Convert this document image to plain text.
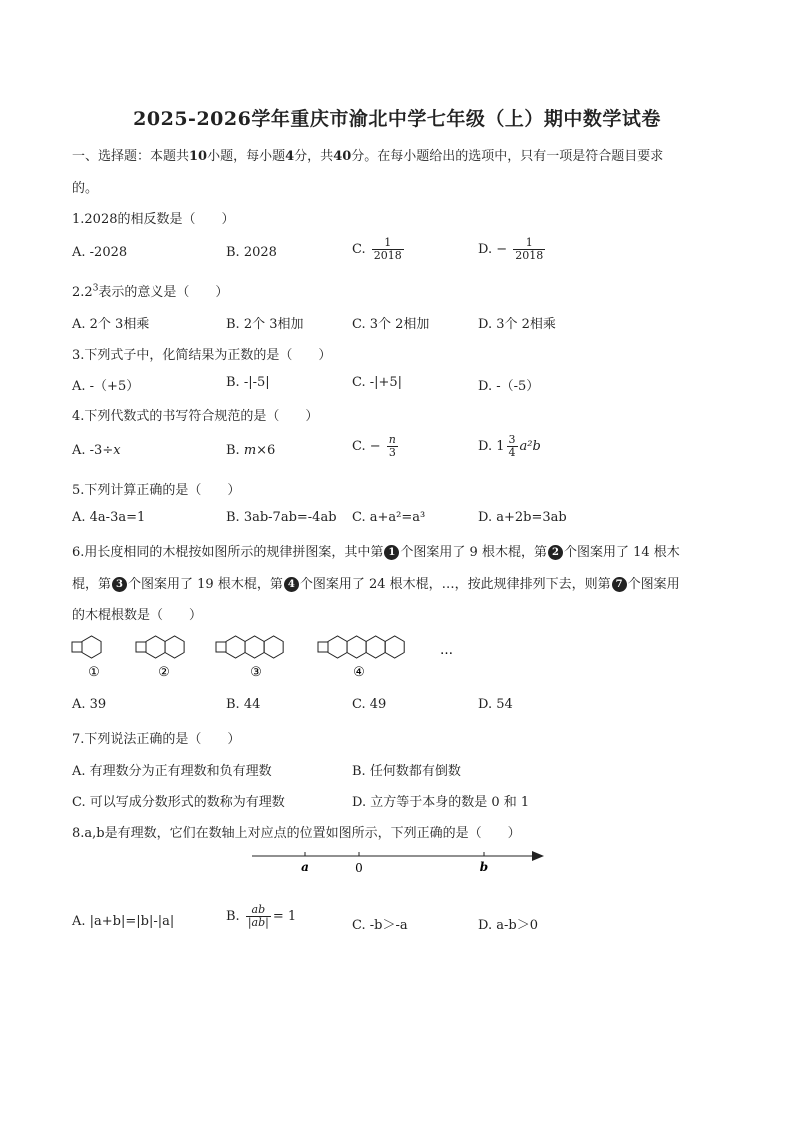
2025-2026学年重庆市渝北中学七年级（上）期中数学试卷
一、选择题：本题共10小题，每小题4分，共40分。在每小题给出的选项中，只有一项是符合题目要求
的。
1.2028的相反数是（　　）
A. -2028	B. 2028	C. $\frac{1}{2018}$	D. − $\frac{1}{2018}$
$2.2^3$表示的意义是（　　）
A. 2个 3相乘	B. 2个 3相加	C. 3个 2相加	D. 3个 2相乘
3.下列式子中，化简结果为正数的是（　　）
A. -（+5）	B. -|-5|	C. -|+5|	D. -（-5）
4.下列代数式的书写符合规范的是（　　）
A. -3÷x	B. m×6	C. − $\frac{n}{3}$	D. $1 \frac{3}{4} a^2b$
5.下列计算正确的是（　　）
A. 4a-3a=1	B. 3ab-7ab=-4ab C. a+a²=a³	D. a+2b=3ab
6.用长度相同的木棍按如图所示的规律拼图案，其中第 1 个图案用了 9 根木棍，第 2 个图案用了 14 根木
棍，第 3 个图案用了 19 根木棍，第 4 个图案用了 24 根木棍，…，按此规律排列下去，则第 7 个图案用
的木棍根数是（　　）
①	②	③	④
…
A. 39	B. 44	C. 49	D. 54
7.下列说法正确的是（　　）
A. 有理数分为正有理数和负有理数	B. 任何数都有倒数
C. 可以写成分数形式的数称为有理数	D. 立方等于本身的数是 0 和 1
8.a,b是有理数，它们在数轴上对应点的位置如图所示，下列正确的是（　　）
a	0	b
A. |a+b|=|b|-|a|	B. $\frac{ab}{|ab|} = 1$
C. -b＞-a	D. a-b＞0
